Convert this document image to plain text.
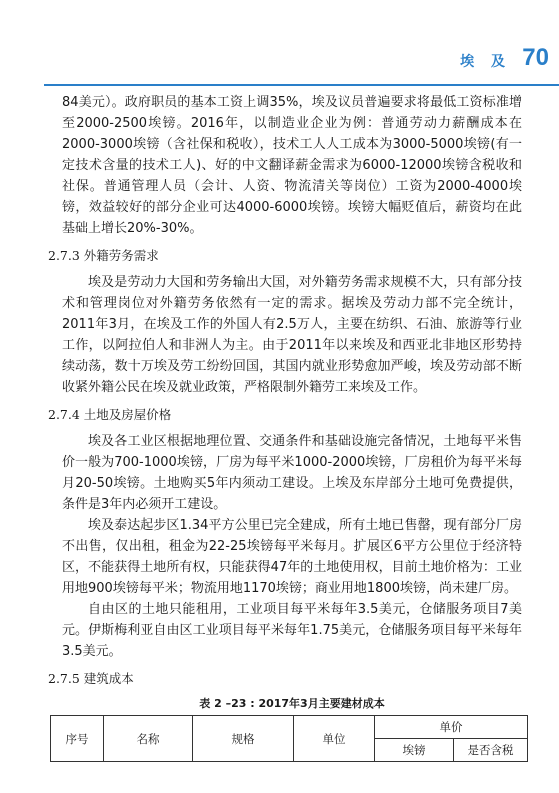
埃 及 70

84美元）。政府职员的基本工资上调35%，埃及议员普遍要求将最低工资标准增至2000-2500埃镑。2016年，以制造业企业为例：普通劳动力薪酬成本在2000-3000埃镑（含社保和税收），技术工人人工成本为3000-5000埃镑(有一定技术含量的技术工人)、好的中文翻译薪金需求为6000-12000埃镑含税收和社保。普通管理人员（会计、人资、物流清关等岗位）工资为2000-4000埃镑，效益较好的部分企业可达4000-6000埃镑。埃镑大幅贬值后，薪资均在此基础上增长20%-30%。

2.7.3 外籍劳务需求

埃及是劳动力大国和劳务输出大国，对外籍劳务需求规模不大，只有部分技术和管理岗位对外籍劳务依然有一定的需求。据埃及劳动力部不完全统计，2011年3月，在埃及工作的外国人有2.5万人，主要在纺织、石油、旅游等行业工作，以阿拉伯人和非洲人为主。由于2011年以来埃及和西亚北非地区形势持续动荡，数十万埃及劳工纷纷回国，其国内就业形势愈加严峻，埃及劳动部不断收紧外籍公民在埃及就业政策，严格限制外籍劳工来埃及工作。

2.7.4 土地及房屋价格

埃及各工业区根据地理位置、交通条件和基础设施完备情况，土地每平米售价一般为700-1000埃镑，厂房为每平米1000-2000埃镑，厂房租价为每平米每月20-50埃镑。土地购买5年内须动工建设。上埃及东岸部分土地可免费提供，条件是3年内必须开工建设。

埃及泰达起步区1.34平方公里已完全建成，所有土地已售罄，现有部分厂房不出售，仅出租，租金为22-25埃镑每平米每月。扩展区6平方公里位于经济特区，不能获得土地所有权，只能获得47年的土地使用权，目前土地价格为：工业用地900埃镑每平米；物流用地1170埃镑；商业用地1800埃镑，尚未建厂房。

自由区的土地只能租用，工业项目每平米每年3.5美元，仓储服务项目7美元。伊斯梅利亚自由区工业项目每平米每年1.75美元，仓储服务项目每平米每年3.5美元。

2.7.5 建筑成本
表 2 –23 : 2017年3月主要建材成本
序号	名称	规格	单位	单价	
				埃镑	是否含税
